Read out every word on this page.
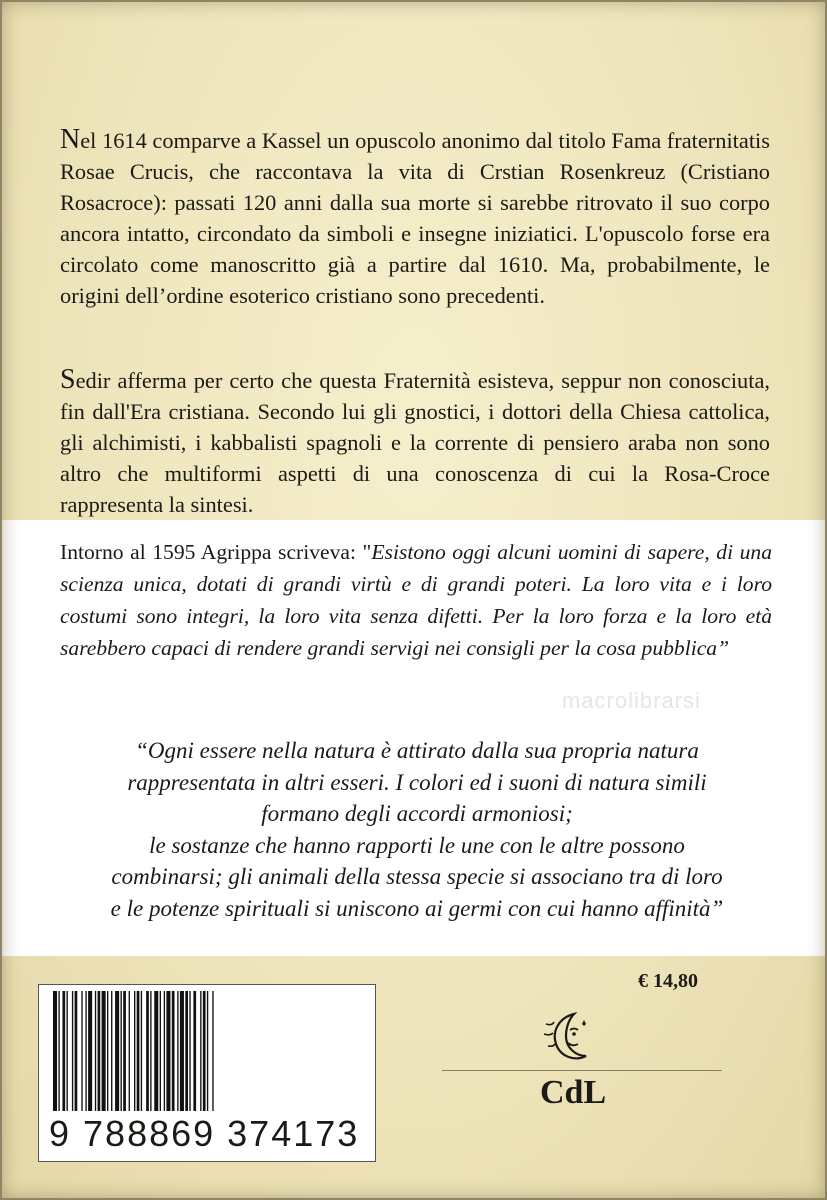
Nel 1614 comparve a Kassel un opuscolo anonimo dal titolo Fama fraternitatis Rosae Crucis, che raccontava la vita di Crstian Rosenkreuz (Cristiano Rosacroce): passati 120 anni dalla sua morte si sarebbe ritrovato il suo corpo ancora intatto, circondato da simboli e insegne iniziatici. L'opuscolo forse era circolato come manoscritto già a partire dal 1610. Ma, probabilmente, le origini dell’ordine esoterico cristiano sono precedenti.

Sedir afferma per certo che questa Fraternità esisteva, seppur non conosciuta, fin dall'Era cristiana. Secondo lui gli gnostici, i dottori della Chiesa cattolica, gli alchimisti, i kabbalisti spagnoli e la corrente di pensiero araba non sono altro che multiformi aspetti di una conoscenza di cui la Rosa-Croce rappresenta la sintesi.

Intorno al 1595 Agrippa scriveva: "Esistono oggi alcuni uomini di sapere, di una scienza unica, dotati di grandi virtù e di grandi poteri. La loro vita e i loro costumi sono integri, la loro vita senza difetti. Per la loro forza e la loro età sarebbero capaci di rendere grandi servigi nei consigli per la cosa pubblica”

macrolibrarsi
“Ogni essere nella natura è attirato dalla sua propria natura
rappresentata in altri esseri. I colori ed i suoni di natura simili
formano degli accordi armoniosi;
le sostanze che hanno rapporti le une con le altre possono
combinarsi; gli animali della stessa specie si associano tra di loro
e le potenze spirituali si uniscono ai germi con cui hanno affinità”
€ 14,80
CdL
9 788869 374173
